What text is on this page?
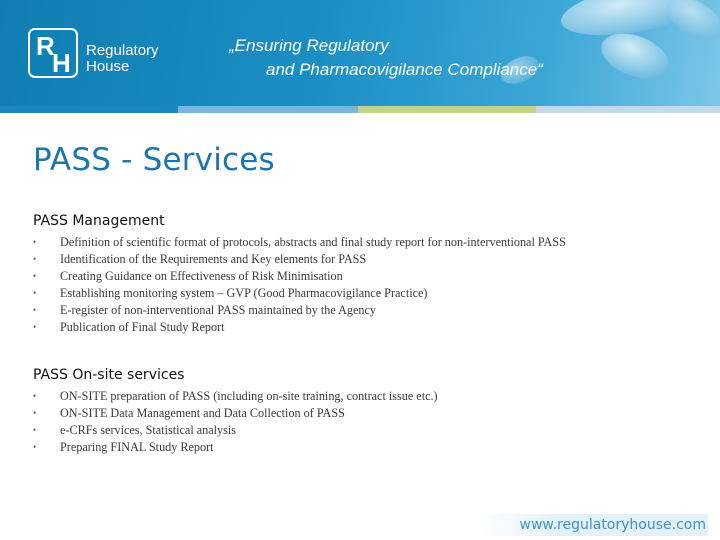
R
H Regulatory
House
„Ensuring Regulatory
and Pharmacovigilance Compliance“
PASS - Services
PASS Management
• Definition of scientific format of protocols, abstracts and final study report for non-interventional PASS
• Identification of the Requirements and Key elements for PASS
• Creating Guidance on Effectiveness of Risk Minimisation
• Establishing monitoring system – GVP (Good Pharmacovigilance Practice)
• E-register of non-interventional PASS maintained by the Agency
• Publication of Final Study Report
PASS On-site services
• ON-SITE preparation of PASS (including on-site training, contract issue etc.)
• ON-SITE Data Management and Data Collection of PASS
• e-CRFs services, Statistical analysis
• Preparing FINAL Study Report
www.regulatoryhouse.com
